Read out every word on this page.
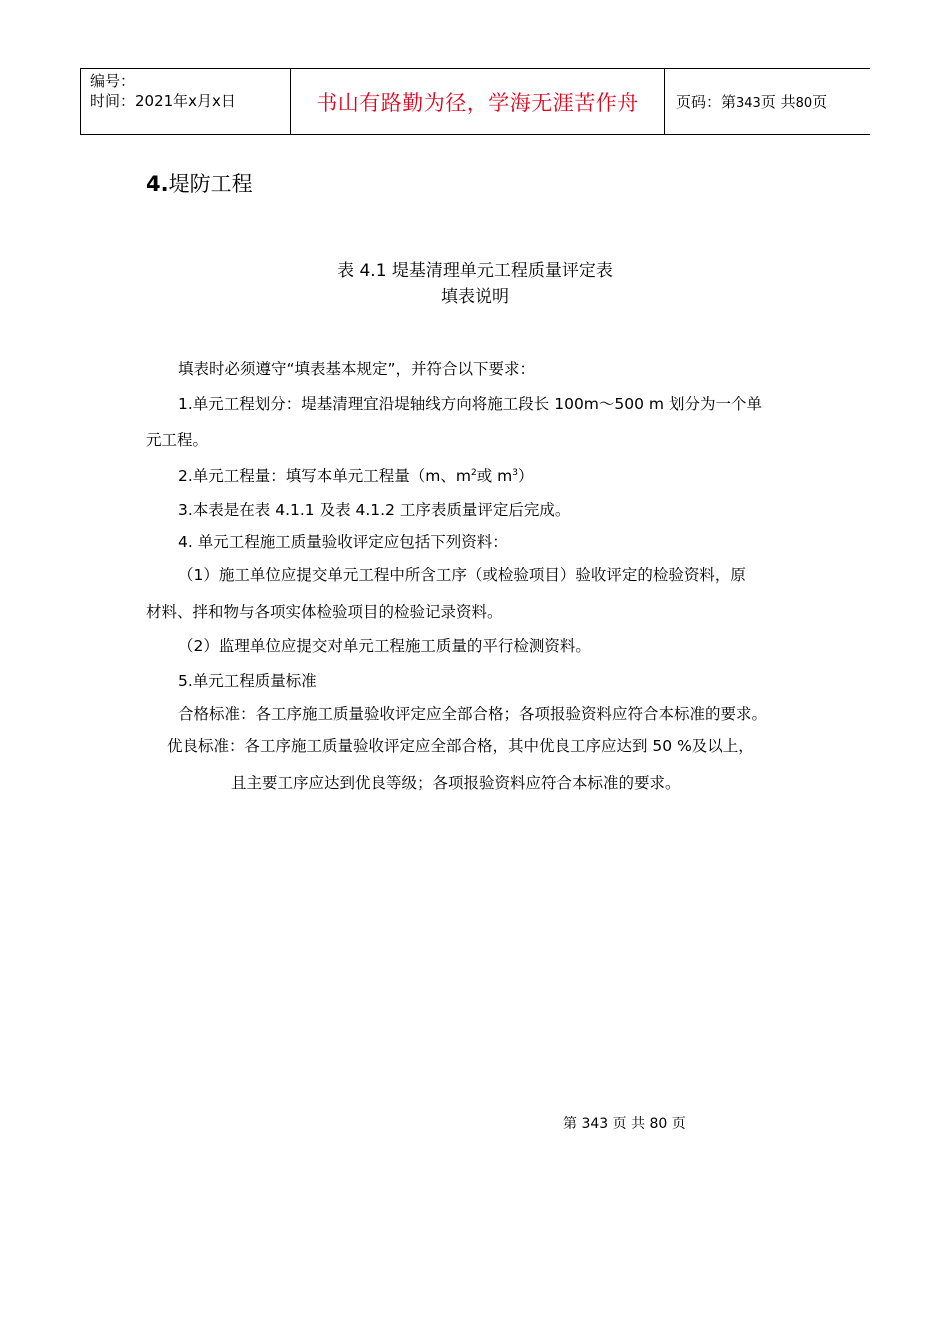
编号：
时间：2021年x月x日	书山有路勤为径，学海无涯苦作舟	页码：第343页 共80页
4.堤防工程
表 4.1 堤基清理单元工程质量评定表
填表说明
填表时必须遵守“填表基本规定”，并符合以下要求：
1.单元工程划分：堤基清理宜沿堤轴线方向将施工段长 100m～500 m 划分为一个单
元工程。
2.单元工程量：填写本单元工程量（m、$m^2$或 $m^3$）
3.本表是在表 4.1.1 及表 4.1.2 工序表质量评定后完成。
4. 单元工程施工质量验收评定应包括下列资料：
（1）施工单位应提交单元工程中所含工序（或检验项目）验收评定的检验资料，原
材料、拌和物与各项实体检验项目的检验记录资料。
（2）监理单位应提交对单元工程施工质量的平行检测资料。
5.单元工程质量标准
合格标准：各工序施工质量验收评定应全部合格；各项报验资料应符合本标准的要求。
优良标准：各工序施工质量验收评定应全部合格，其中优良工序应达到 50 %及以上，
且主要工序应达到优良等级；各项报验资料应符合本标准的要求。
第 343 页 共 80 页
